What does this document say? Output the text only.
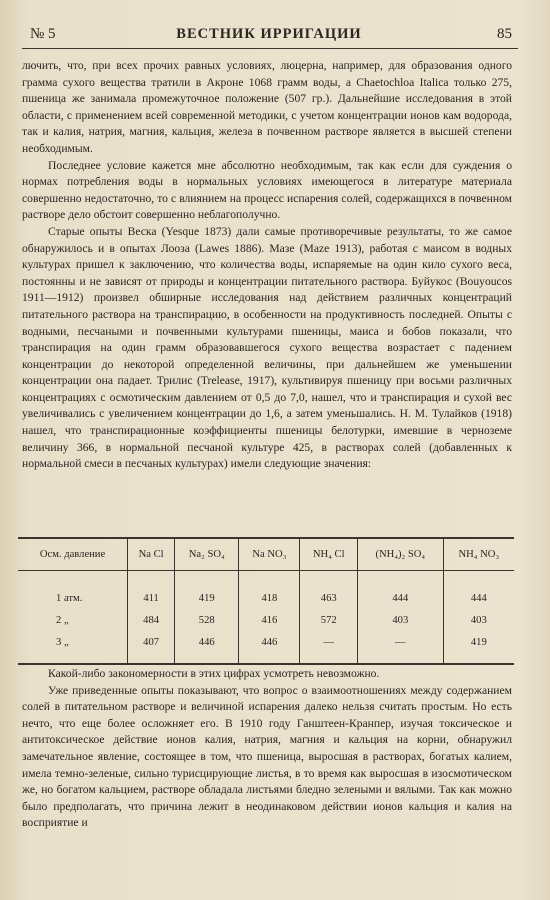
№ 5	ВЕСТНИК ИРРИГАЦИИ	85

лючить, что, при всех прочих равных условиях, люцерна, например, для образования одного грамма сухого вещества тратили в Акроне 1068 грамм воды, а Chaetochloa Italica только 275, пшеница же занимала промежуточное положение (507 гр.). Дальнейшие исследования в этой области, с применением всей современной методики, с учетом концентрации ионов кам водорода, так и калия, натрия, магния, кальция, железа в почвенном растворе является в высшей степени необходимым.

Последнее условие кажется мне абсолютно необходимым, так как если для суждения о нормах потребления воды в нормальных условиях имеющегося в литературе материала совершенно недостаточно, то с влиянием на процесс испарения солей, содержащихся в почвенном растворе дело обстоит совершенно неблагополучно.

Старые опыты Веска (Yesque 1873) дали самые противоречивые результаты, то же самое обнаружилось и в опытах Лооза (Lawes 1886). Мазе (Maze 1913), работая с маисом в водных культурах пришел к заключению, что количества воды, испаряемые на один кило сухого веса, постоянны и не зависят от природы и концентрации питательного раствора. Буйукос (Bouyoucos 1911—1912) произвел обширные исследования над действием различных концентраций питательного раствора на транспирацию, в особенности на продуктивность последней. Опыты с водными, песчаными и почвенными культурами пшеницы, маиса и бобов показали, что транспирация на один грамм образовавшегося сухого вещества возрастает с падением концентрации до некоторой определенной величины, при дальнейшем же уменьшении концентрации она падает. Трилис (Trelease, 1917), культивируя пшеницу при восьми различных концентрациях с осмотическим давлением от 0,5 до 7,0, нашел, что и транспирация и сухой вес увеличивались с увеличением концентрации до 1,6, а затем уменьшались. Н. М. Тулайков (1918) нашел, что транспирационные коэффициенты пшеницы белотурки, имевшие в черноземе величину 366, в нормальной песчаной культуре 425, в растворах солей (добавленных к нормальной смеси в песчаных культурах) имели следующие значения:

Осм. давление	Na Cl	Na₂ SO₄	Na NO₃	NH₄ Cl	(NH₄)₂ SO₄	NH₄ NO₃
1 атм.	411	419	418	463	444	444
2 „	484	528	416	572	403	403
3 „	407	446	446	—	—	419

Какой-либо закономерности в этих цифрах усмотреть невозможно.

Уже приведенные опыты показывают, что вопрос о взаимоотношениях между содержанием солей в питательном растворе и величиной испарения далеко нельзя считать простым. Но есть нечто, что еще более осложняет его. В 1910 году Ганштеен-Кранпер, изучая токсическое и антитоксическое действие ионов калия, натрия, магния и кальция на корни, обнаружил замечательное явление, состоящее в том, что пшеница, выросшая в растворах, богатых калием, имела темно-зеленые, сильно турисцирующие листья, в то время как выросшая в изосмотическом же, но богатом кальцием, растворе обладала листьями бледно зелеными и вялыми. Так как можно было предполагать, что причина лежит в неодинаковом действии ионов кальция и калия на восприятие и
